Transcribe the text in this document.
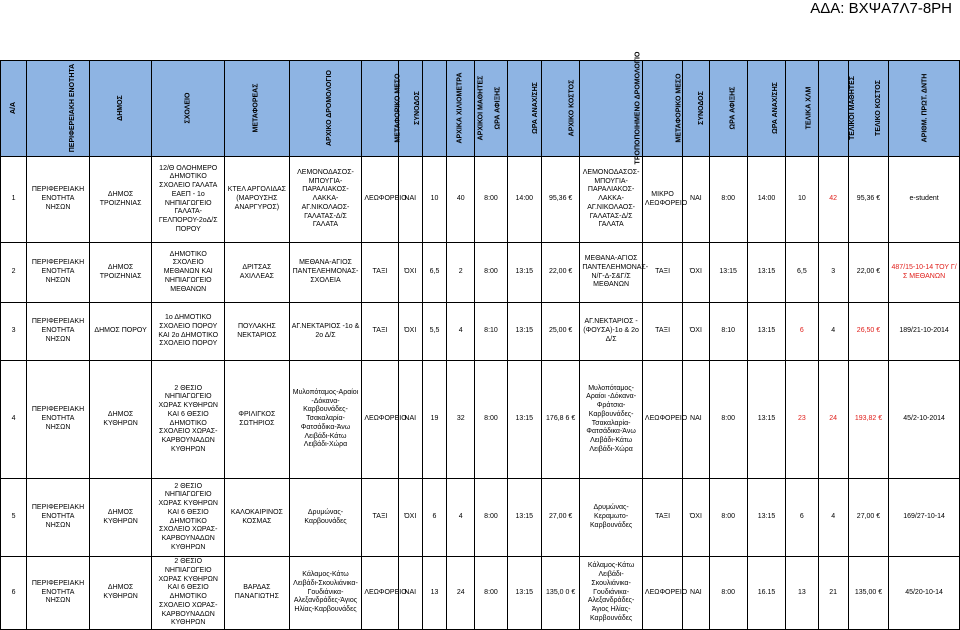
ΑΔΑ: ΒΧΨΑ7Λ7-8ΡΗ
Α/Α	ΠΕΡΙΦΕΡΕΙΑΚΗ ΕΝΟΤΗΤΑ	ΔΗΜΟΣ	ΣΧΟΛΕΙΟ	ΜΕΤΑΦΟΡΕΑΣ	ΑΡΧΙΚΟ ΔΡΟΜΟΛΟΓΙΟ	ΜΕΤΑΦΟΡΙΚΟ ΜΕΣΟ	ΣΥΝΟΔΟΣ	ΑΡΧΙΚΑ ΧΙΛΙΟΜΕΤΡΑ	ΑΡΧΙΚΟΙ ΜΑΘΗΤΕΣ	ΩΡΑ ΑΦΙΞΗΣ	ΩΡΑ ΑΝΑΧ/ΣΗΣ	ΑΡΧΙΚΟ ΚΟΣΤΟΣ	ΤΡΟΠΟΠΟΙΗΜΕΝΟ ΔΡΟΜΟΛΟΓΙΟ	ΜΕΤΑΦΟΡΙΚΟ ΜΕΣΟ	ΣΥΝΟΔΟΣ	ΩΡΑ ΑΦΙΞΗΣ	ΩΡΑ ΑΝΑΧ/ΣΗΣ	ΤΕΛΙΚΑ ΧΛΜ	ΤΕΛΙΚΟΙ ΜΑΘΗΤΕΣ	ΤΕΛΙΚΟ ΚΟΣΤΟΣ	ΑΡΙΘΜ. ΠΡΩΤ. ΔΝΤΗ
1	ΠΕΡΙΦΕΡΕΙΑΚΗ ΕΝΟΤΗΤΑ ΝΗΣΩΝ	ΔΗΜΟΣ ΤΡΟΙΖΗΝΙΑΣ	12/Θ ΟΛΟΗΜΕΡΟ ΔΗΜΟΤΙΚΟ ΣΧΟΛΕΙΟ ΓΑΛΑΤΑ ΕΑΕΠ - 1ο ΝΗΠΙΑΓΩΓΕΙΟ ΓΑΛΑΤΑ-ΓΕΛΠΟΡΟΥ-2οΔ/Σ ΠΟΡΟΥ	ΚΤΕΛ ΑΡΓΟΛΙΔΑΣ (ΜΑΡΟΥΣΗΣ ΑΝΑΡΓΥΡΟΣ)	ΛΕΜΟΝΟΔΑΣΟΣ-ΜΠΟΥΓΙΑ-ΠΑΡΑΛΙΑΚΟΣ-ΛΑΚΚΑ-ΑΓ.ΝΙΚΟΛΑΟΣ-ΓΑΛΑΤΑΣ-Δ/Σ ΓΑΛΑΤΑ	ΛΕΩΦΟΡΕΙΟ	ΝΑΙ	10	40	8:00	14:00	95,36 €	ΛΕΜΟΝΟΔΑΣΟΣ-ΜΠΟΥΓΙΑ-ΠΑΡΑΛΙΑΚΟΣ-ΛΑΚΚΑ-ΑΓ.ΝΙΚΟΛΑΟΣ-ΓΑΛΑΤΑΣ-Δ/Σ ΓΑΛΑΤΑ	ΜΙΚΡΟ ΛΕΩΦΟΡΕΙΟ	ΝΑΙ	8:00	14:00	10	42	95,36 €	e-student
2	ΠΕΡΙΦΕΡΕΙΑΚΗ ΕΝΟΤΗΤΑ ΝΗΣΩΝ	ΔΗΜΟΣ ΤΡΟΙΖΗΝΙΑΣ	ΔΗΜΟΤΙΚΟ ΣΧΟΛΕΙΟ ΜΕΘΑΝΩΝ ΚΑΙ ΝΗΠΙΑΓΩΓΕΙΟ ΜΕΘΑΝΩΝ	ΔΡΙΤΣΑΣ ΑΧΙΛΛΕΑΣ	ΜΕΘΑΝΑ-ΑΓΙΟΣ ΠΑΝΤΕΛΕΗΜΟΝΑΣ-ΣΧΟΛΕΙΑ	ΤΑΞΙ	ΌΧΙ	6,5	2	8:00	13:15	22,00 €	ΜΕΘΑΝΑ-ΑΓΙΟΣ ΠΑΝΤΕΛΕΗΜΟΝΑΣ-Ν/Γ-Δ-Σ&Γ/Σ ΜΕΘΑΝΩΝ	ΤΑΞΙ	ΌΧΙ	13:15	13:15	6,5	3	22,00 €	487/15-10-14 ΤΟΥ Γ/Σ ΜΕΘΑΝΩΝ
3	ΠΕΡΙΦΕΡΕΙΑΚΗ ΕΝΟΤΗΤΑ ΝΗΣΩΝ	ΔΗΜΟΣ ΠΟΡΟΥ	1ο ΔΗΜΟΤΙΚΟ ΣΧΟΛΕΙΟ ΠΟΡΟΥ ΚΑΙ 2ο ΔΗΜΟΤΙΚΟ ΣΧΟΛΕΙΟ ΠΟΡΟΥ	ΠΟΥΛΑΚΗΣ ΝΕΚΤΑΡΙΟΣ	ΑΓ.ΝΕΚΤΑΡΙΟΣ -1ο & 2ο Δ/Σ	ΤΑΞΙ	ΌΧΙ	5,5	4	8:10	13:15	25,00 €	ΑΓ.ΝΕΚΤΑΡΙΟΣ -(ΦΟΥΣΑ)-1ο & 2ο Δ/Σ	ΤΑΞΙ	ΌΧΙ	8:10	13:15	6	4	26,50 €	189/21-10-2014
4	ΠΕΡΙΦΕΡΕΙΑΚΗ ΕΝΟΤΗΤΑ ΝΗΣΩΝ	ΔΗΜΟΣ ΚΥΘΗΡΩΝ	2 ΘΕΣΙΟ ΝΗΠΙΑΓΩΓΕΙΟ ΧΩΡΑΣ ΚΥΘΗΡΩΝ ΚΑΙ 6 ΘΕΣΙΟ ΔΗΜΟΤΙΚΟ ΣΧΟΛΕΙΟ ΧΩΡΑΣ-ΚΑΡΒΟΥΝΑΔΩΝ ΚΥΘΗΡΩΝ	ΦΡΙΛΙΓΚΟΣ ΣΩΤΗΡΙΟΣ	Μυλοπόταμος-Αραίοι -Δόκανα-Καρβουνάδες-Τσακαλαρία-Φατσάδικα-Άνω Λειβάδι-Κάτω Λειβάδι-Χώρα	ΛΕΩΦΟΡΕΙΟ	ΝΑΙ	19	32	8:00	13:15	176,8 6 €	Μυλοπόταμος-Αραίοι -Δόκανα-Φράτσια-Καρβουνάδες-Τσακαλαρία-Φατσάδικα-Άνω Λειβάδι-Κάτω Λειβάδι-Χώρα	ΛΕΩΦΟΡΕΙΟ	ΝΑΙ	8:00	13:15	23	24	193,82 €	45/2-10-2014
5	ΠΕΡΙΦΕΡΕΙΑΚΗ ΕΝΟΤΗΤΑ ΝΗΣΩΝ	ΔΗΜΟΣ ΚΥΘΗΡΩΝ	2 ΘΕΣΙΟ ΝΗΠΙΑΓΩΓΕΙΟ ΧΩΡΑΣ ΚΥΘΗΡΩΝ ΚΑΙ 6 ΘΕΣΙΟ ΔΗΜΟΤΙΚΟ ΣΧΟΛΕΙΟ ΧΩΡΑΣ-ΚΑΡΒΟΥΝΑΔΩΝ ΚΥΘΗΡΩΝ	ΚΑΛΟΚΑΙΡΙΝΟΣ ΚΟΣΜΑΣ	Δρυμώνας-Καρβουνάδες	ΤΑΞΙ	ΌΧΙ	6	4	8:00	13:15	27,00 €	Δρυμώνας-Κεραμωτο-Καρβουνάδες	ΤΑΞΙ	ΌΧΙ	8:00	13:15	6	4	27,00 €	169/27-10-14
6	ΠΕΡΙΦΕΡΕΙΑΚΗ ΕΝΟΤΗΤΑ ΝΗΣΩΝ	ΔΗΜΟΣ ΚΥΘΗΡΩΝ	2 ΘΕΣΙΟ ΝΗΠΙΑΓΩΓΕΙΟ ΧΩΡΑΣ ΚΥΘΗΡΩΝ ΚΑΙ 6 ΘΕΣΙΟ ΔΗΜΟΤΙΚΟ ΣΧΟΛΕΙΟ ΧΩΡΑΣ-ΚΑΡΒΟΥΝΑΔΩΝ ΚΥΘΗΡΩΝ	ΒΑΡΔΑΣ ΠΑΝΑΓΙΩΤΗΣ	Κάλαμος-Κάτω Λειβάδι-Σκουλιάνικα-Γουδιάνικα-Αλεξανδράδες-Άγιος Ηλίας-Καρβουνάδες	ΛΕΩΦΟΡΕΙΟ	ΝΑΙ	13	24	8:00	13:15	135,0 0 €	Κάλαμος-Κάτω Λειβάδι-Σκουλιάνικα-Γουδιάνικα-Αλεξανδράδες-Άγιος Ηλίας-Καρβουνάδες	ΛΕΩΦΟΡΕΙΟ	ΝΑΙ	8:00	16.15	13	21	135,00 €	45/20-10-14
